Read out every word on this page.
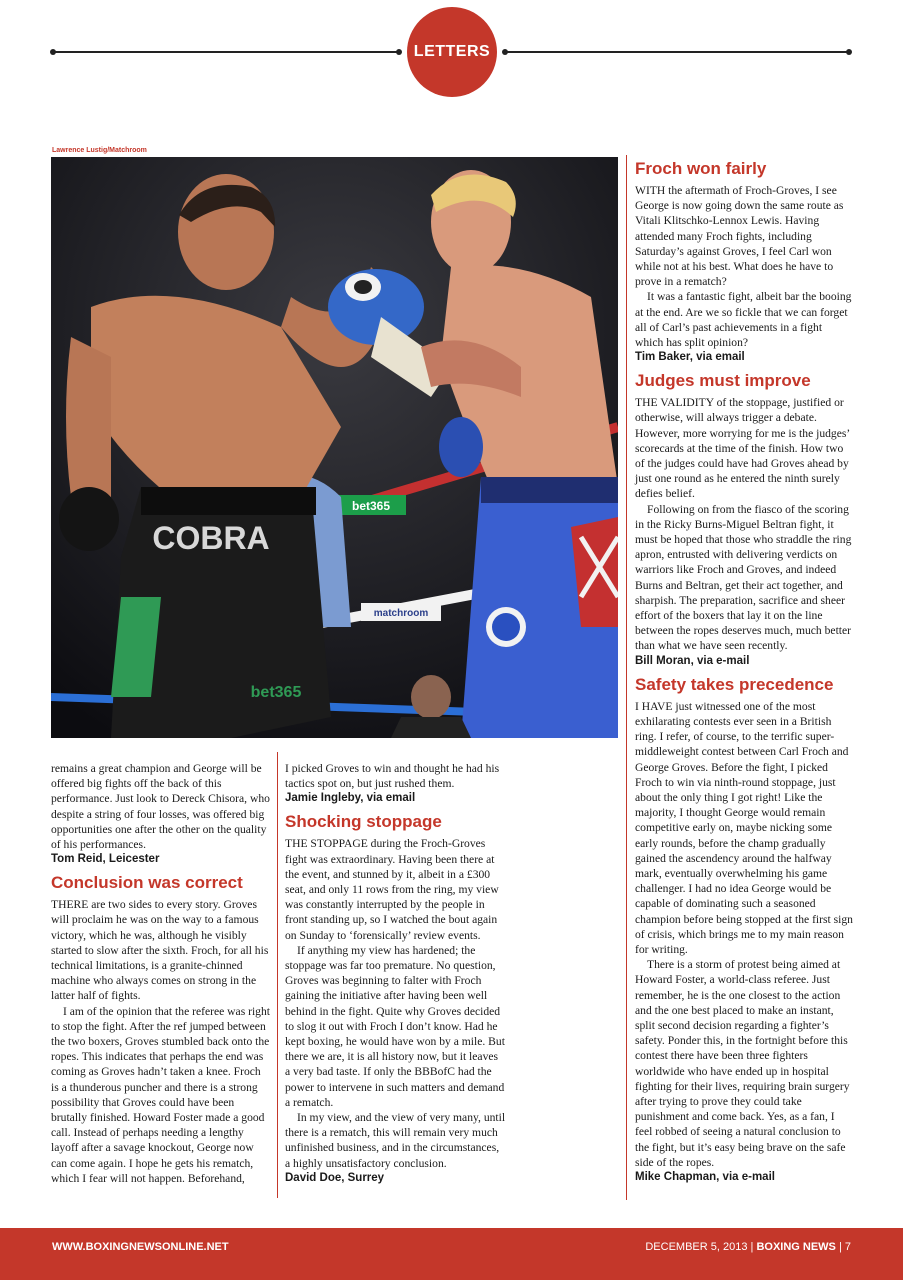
LETTERS
Lawrence Lustig/Matchroom
bet365
matchroom
COBRA
bet365

remains a great champion and George will be offered big fights off the back of this performance. Just look to Dereck Chisora, who despite a string of four losses, was offered big opportunities one after the other on the quality of his performances.

Tom Reid, Leicester
Conclusion was correct

THERE are two sides to every story. Groves will proclaim he was on the way to a famous victory, which he was, although he visibly started to slow after the sixth. Froch, for all his technical limitations, is a granite-chinned machine who always comes on strong in the latter half of fights.

I am of the opinion that the referee was right to stop the fight. After the ref jumped between the two boxers, Groves stumbled back onto the ropes. This indicates that perhaps the end was coming as Groves hadn’t taken a knee. Froch is a thunderous puncher and there is a strong possibility that Groves could have been brutally finished. Howard Foster made a good call. Instead of perhaps needing a lengthy layoff after a savage knockout, George now can come again. I hope he gets his rematch, which I fear will not happen. Beforehand,

I picked Groves to win and thought he had his tactics spot on, but just rushed them.

Jamie Ingleby, via email
Shocking stoppage

THE STOPPAGE during the Froch-Groves fight was extraordinary. Having been there at the event, and stunned by it, albeit in a £300 seat, and only 11 rows from the ring, my view was constantly interrupted by the people in front standing up, so I watched the bout again on Sunday to ‘forensically’ review events.

If anything my view has hardened; the stoppage was far too premature. No question, Groves was beginning to falter with Froch gaining the initiative after having been well behind in the fight. Quite why Groves decided to slog it out with Froch I don’t know. Had he kept boxing, he would have won by a mile. But there we are, it is all history now, but it leaves a very bad taste. If only the BBBofC had the power to intervene in such matters and demand a rematch.

In my view, and the view of very many, until there is a rematch, this will remain very much unfinished business, and in the circumstances, a highly unsatisfactory conclusion.

David Doe, Surrey
Froch won fairly

WITH the aftermath of Froch-Groves, I see George is now going down the same route as Vitali Klitschko-Lennox Lewis. Having attended many Froch fights, including Saturday’s against Groves, I feel Carl won while not at his best. What does he have to prove in a rematch?

It was a fantastic fight, albeit bar the booing at the end. Are we so fickle that we can forget all of Carl’s past achievements in a fight which has split opinion?

Tim Baker, via email
Judges must improve

THE VALIDITY of the stoppage, justified or otherwise, will always trigger a debate. However, more worrying for me is the judges’ scorecards at the time of the finish. How two of the judges could have had Groves ahead by just one round as he entered the ninth surely defies belief.

Following on from the fiasco of the scoring in the Ricky Burns-Miguel Beltran fight, it must be hoped that those who straddle the ring apron, entrusted with delivering verdicts on warriors like Froch and Groves, and indeed Burns and Beltran, get their act together, and sharpish. The preparation, sacrifice and sheer effort of the boxers that lay it on the line between the ropes deserves much, much better than what we have seen recently.

Bill Moran, via e-mail
Safety takes precedence

I HAVE just witnessed one of the most exhilarating contests ever seen in a British ring. I refer, of course, to the terrific super-middleweight contest between Carl Froch and George Groves. Before the fight, I picked Froch to win via ninth-round stoppage, just about the only thing I got right! Like the majority, I thought George would remain competitive early on, maybe nicking some early rounds, before the champ gradually gained the ascendency around the halfway mark, eventually overwhelming his game challenger. I had no idea George would be capable of dominating such a seasoned champion before being stopped at the first sign of crisis, which brings me to my main reason for writing.

There is a storm of protest being aimed at Howard Foster, a world-class referee. Just remember, he is the one closest to the action and the one best placed to make an instant, split second decision regarding a fighter’s safety. Ponder this, in the fortnight before this contest there have been three fighters worldwide who have ended up in hospital fighting for their lives, requiring brain surgery after trying to prove they could take punishment and come back. Yes, as a fan, I feel robbed of seeing a natural conclusion to the fight, but it’s easy being brave on the safe side of the ropes.

Mike Chapman, via e-mail
WWW.BOXINGNEWSONLINE.NET	DECEMBER 5, 2013 | BOXING NEWS | 7
